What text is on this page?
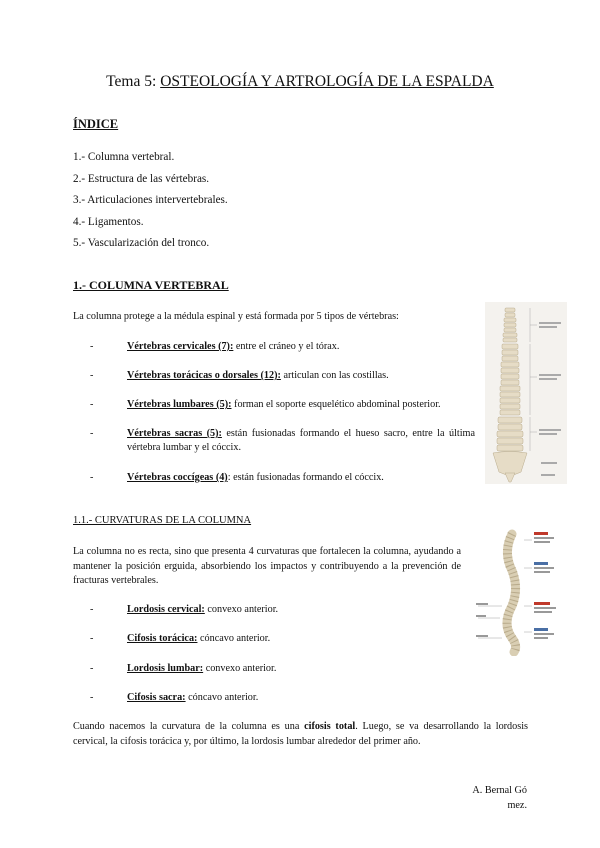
Tema 5: OSTEOLOGÍA Y ARTROLOGÍA DE LA ESPALDA
ÍNDICE
1.- Columna vertebral.
2.- Estructura de las vértebras.
3.- Articulaciones intervertebrales.
4.- Ligamentos.
5.- Vascularización del tronco.
1.- COLUMNA VERTEBRAL
La columna protege a la médula espinal y está formada por 5 tipos de vértebras:
-	Vértebras cervicales (7): entre el cráneo y el tórax.
-	Vértebras torácicas o dorsales (12): articulan con las costillas.
-	Vértebras lumbares (5): forman el soporte esquelético abdominal posterior.
-	Vértebras sacras (5): están fusionadas formando el hueso sacro, entre la última vértebra lumbar y el cóccix.
-	Vértebras coccígeas (4): están fusionadas formando el cóccix.
1.1.- CURVATURAS DE LA COLUMNA
La columna no es recta, sino que presenta 4 curvaturas que fortalecen la columna, ayudando a mantener la posición erguida, absorbiendo los impactos y contribuyendo a la prevención de fracturas vertebrales.
-	Lordosis cervical: convexo anterior.
-	Cifosis torácica: cóncavo anterior.
-	Lordosis lumbar: convexo anterior.
-	Cifosis sacra: cóncavo anterior.
Cuando nacemos la curvatura de la columna es una cifosis total. Luego, se va desarrollando la lordosis cervical, la cifosis torácica y, por último, la lordosis lumbar alrededor del primer año.
A. Bernal Gó
mez.
